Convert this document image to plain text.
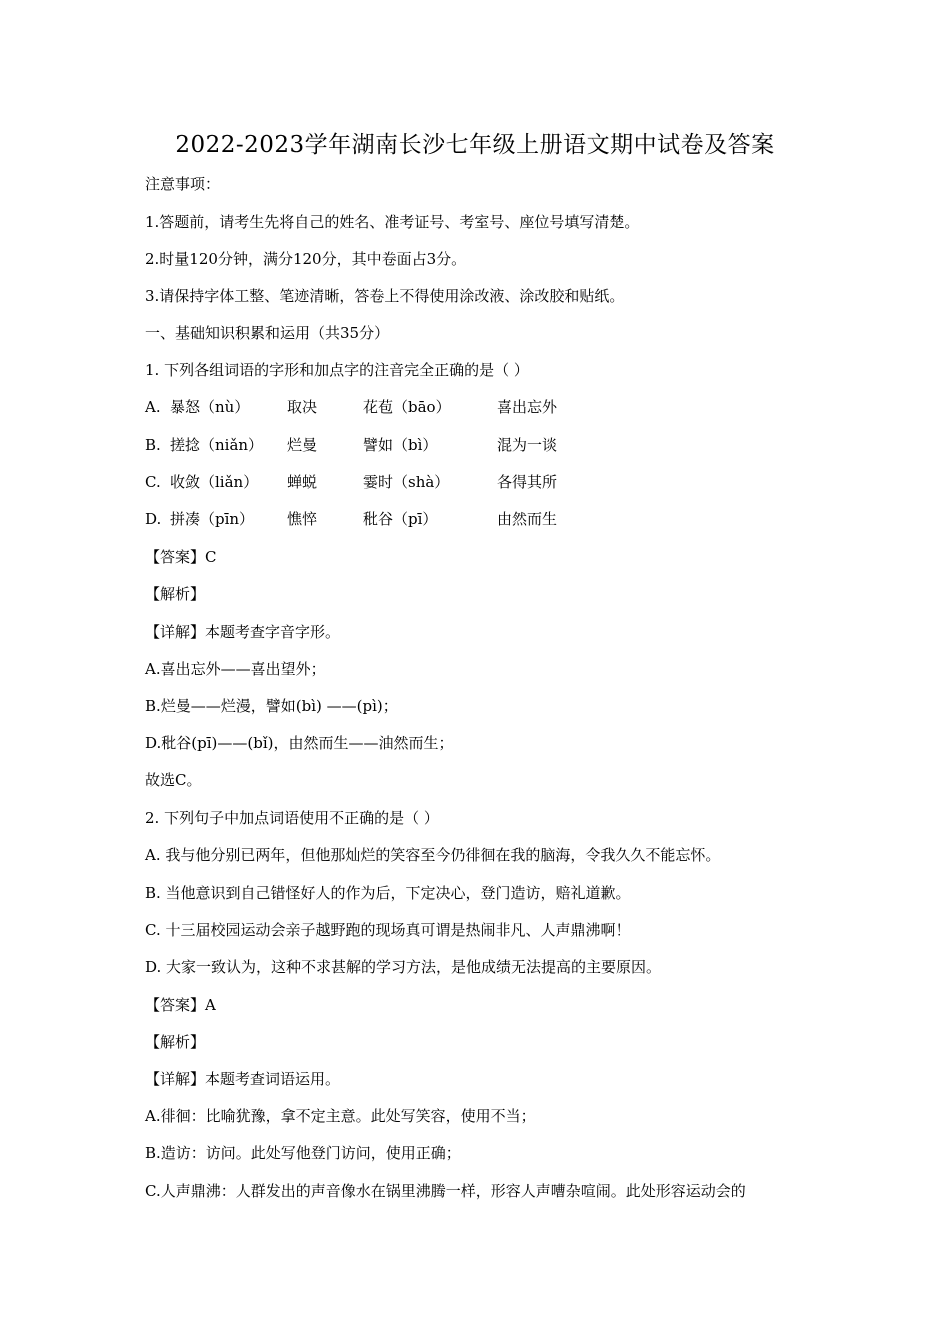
2022-2023学年湖南长沙七年级上册语文期中试卷及答案
注意事项：
1.答题前，请考生先将自己的姓名、准考证号、考室号、座位号填写清楚。
2.时量120分钟，满分120分，其中卷面占3分。
3.请保持字体工整、笔迹清晰，答卷上不得使用涂改液、涂改胶和贴纸。
一、基础知识积累和运用（共35分）
1. 下列各组词语的字形和加点字的注音完全正确的是（ ）
A. 暴怒（nù）	取决	花苞（bāo）	喜出忘外
B. 搓捻（niǎn） 烂曼	譬如（bì）	混为一谈
C. 收敛（liǎn） 蝉蜕	霎时（shà）	各得其所
D. 拼凑（pīn） 憔悴	秕谷（pī）	由然而生
【答案】C
【解析】
【详解】本题考查字音字形。
A.喜出忘外——喜出望外；
B.烂曼——烂漫，譬如(bì) ——(pì)；
D.秕谷(pī)——(bǐ)，由然而生——油然而生；
故选C。
2. 下列句子中加点词语使用不正确的是（ ）
A. 我与他分别已两年，但他那灿烂的笑容至今仍徘徊在我的脑海，令我久久不能忘怀。
B. 当他意识到自己错怪好人的作为后，下定决心，登门造访，赔礼道歉。
C. 十三届校园运动会亲子越野跑的现场真可谓是热闹非凡、人声鼎沸啊！
D. 大家一致认为，这种不求甚解的学习方法，是他成绩无法提高的主要原因。
【答案】A
【解析】
【详解】本题考查词语运用。
A.徘徊：比喻犹豫，拿不定主意。此处写笑容，使用不当；
B.造访：访问。此处写他登门访问，使用正确；
C.人声鼎沸：人群发出的声音像水在锅里沸腾一样，形容人声嘈杂喧闹。此处形容运动会的
